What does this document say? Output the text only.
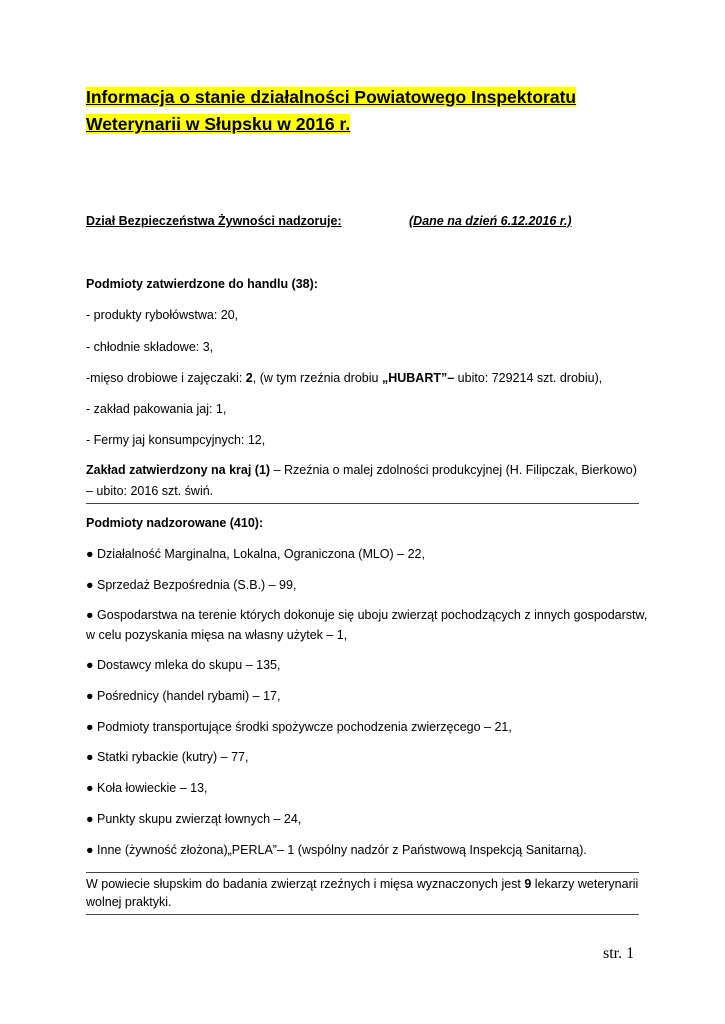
Informacja o stanie działalności Powiatowego Inspektoratu
Weterynarii w Słupsku w 2016 r.
Dział Bezpieczeństwa Żywności nadzoruje:	(Dane na dzień 6.12.2016 r.)
Podmioty zatwierdzone do handlu (38):
- produkty rybołówstwa: 20,
- chłodnie składowe: 3,
-mięso drobiowe i zajęczaki: 2, (w tym rzeźnia drobiu „HUBART”– ubito: 729214 szt. drobiu),
- zakład pakowania jaj: 1,
- Fermy jaj konsumpcyjnych: 12,
Zakład zatwierdzony na kraj (1) – Rzeźnia o malej zdolności produkcyjnej (H. Filipczak, Bierkowo)
– ubito: 2016 szt. świń.
Podmioty nadzorowane (410):
● Działalność Marginalna, Lokalna, Ograniczona (MLO) – 22,
● Sprzedaż Bezpośrednia (S.B.) – 99,
● Gospodarstwa na terenie których dokonuje się uboju zwierząt pochodzących z innych gospodarstw,
w celu pozyskania mięsa na własny użytek – 1,
● Dostawcy mleka do skupu – 135,
● Pośrednicy (handel rybami) – 17,
● Podmioty transportujące środki spożywcze pochodzenia zwierzęcego – 21,
● Statki rybackie (kutry) – 77,
● Koła łowieckie – 13,
● Punkty skupu zwierząt łownych – 24,
● Inne (żywność złożona)„PERLA”– 1 (wspólny nadzór z Państwową Inspekcją Sanitarną).
W powiecie słupskim do badania zwierząt rzeźnych i mięsa wyznaczonych jest 9 lekarzy weterynarii
wolnej praktyki.
str. 1
